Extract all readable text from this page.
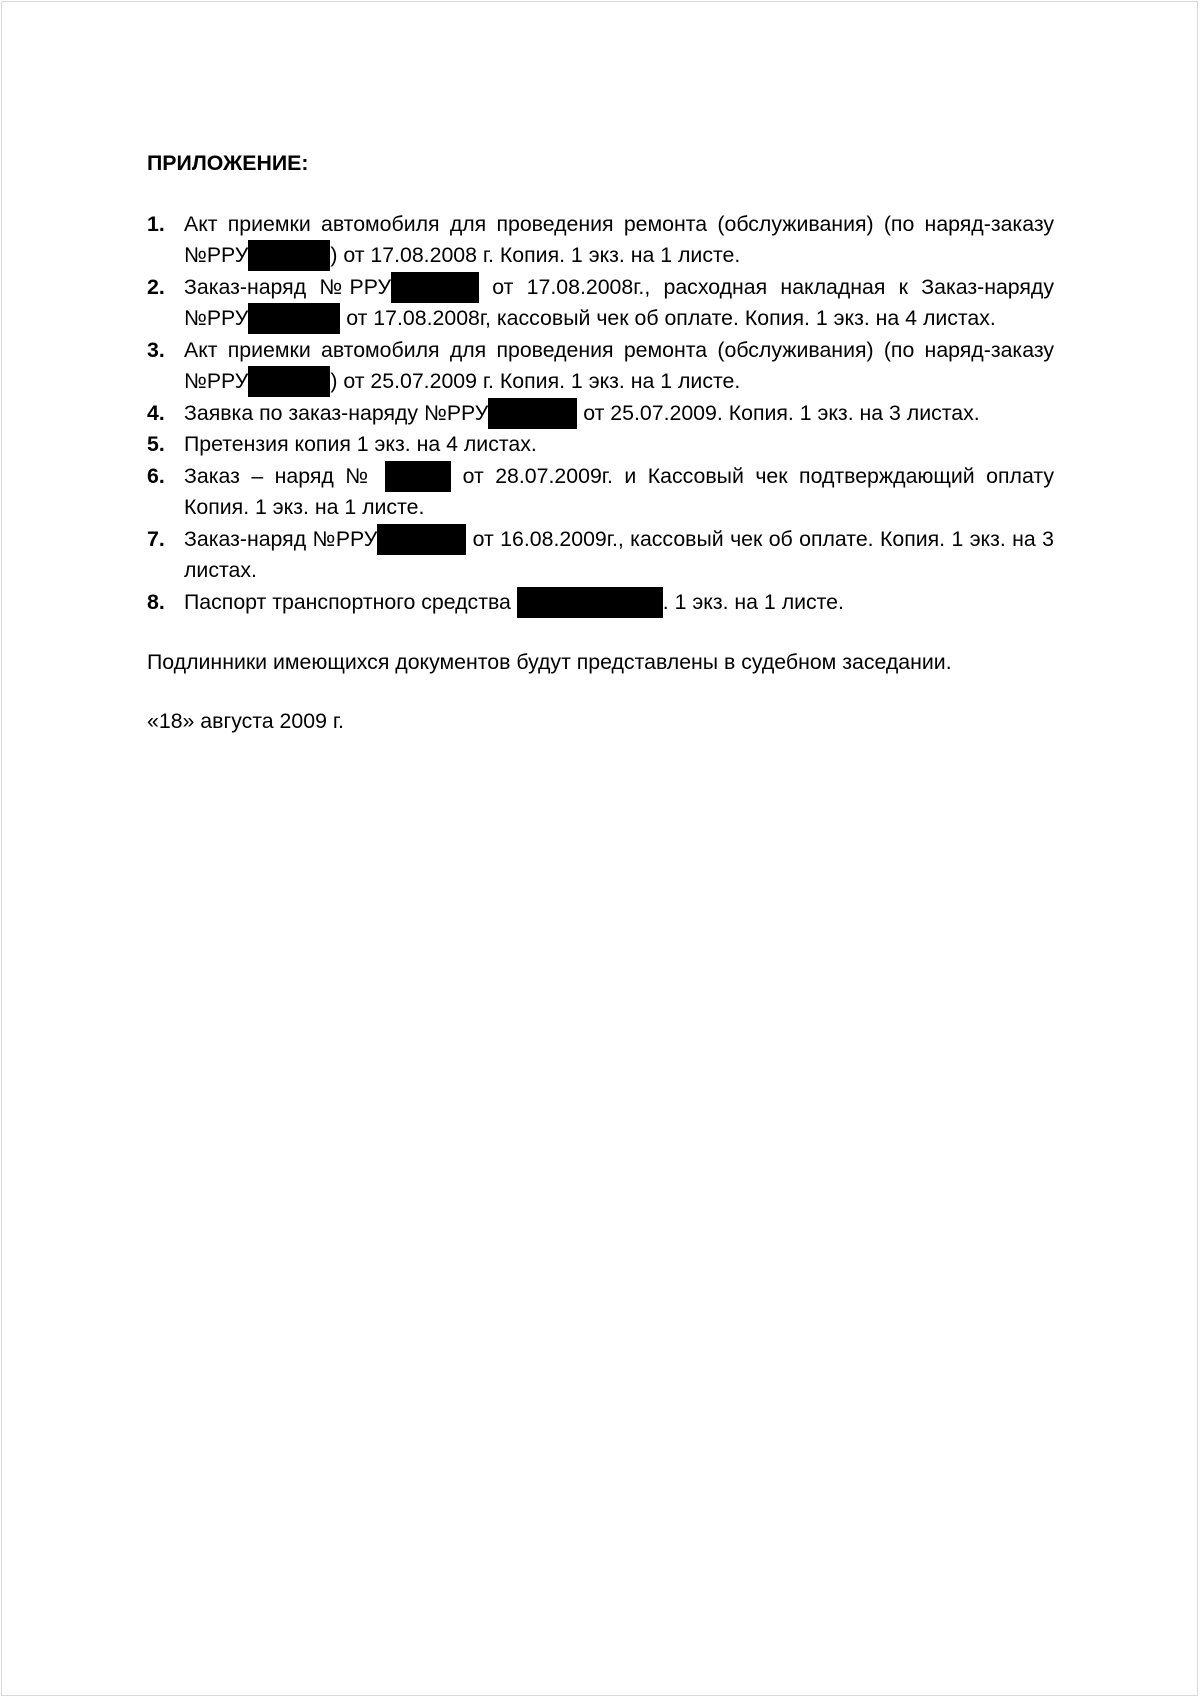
ПРИЛОЖЕНИЕ:
1. Акт приемки автомобиля для проведения ремонта (обслуживания) (по наряд-заказу №РРУ	) от 17.08.2008 г. Копия. 1 экз. на 1 листе.
2. Заказ-наряд №РРУ	от 17.08.2008г., расходная накладная к Заказ-наряду №РРУ	от 17.08.2008г, кассовый чек об оплате. Копия. 1 экз. на 4 листах.
3. Акт приемки автомобиля для проведения ремонта (обслуживания) (по наряд-заказу №РРУ	) от 25.07.2009 г. Копия. 1 экз. на 1 листе.
4. Заявка по заказ-наряду №РРУ	от 25.07.2009. Копия. 1 экз. на 3 листах.
5. Претензия копия 1 экз. на 4 листах.
6. Заказ – наряд №	от 28.07.2009г. и Кассовый чек подтверждающий оплату Копия. 1 экз. на 1 листе.
7. Заказ-наряд №РРУ	от 16.08.2009г., кассовый чек об оплате. Копия. 1 экз. на 3 листах.
8. Паспорт транспортного средства	. 1 экз. на 1 листе.

Подлинники имеющихся документов будут представлены в судебном заседании.

«18» августа 2009 г.
